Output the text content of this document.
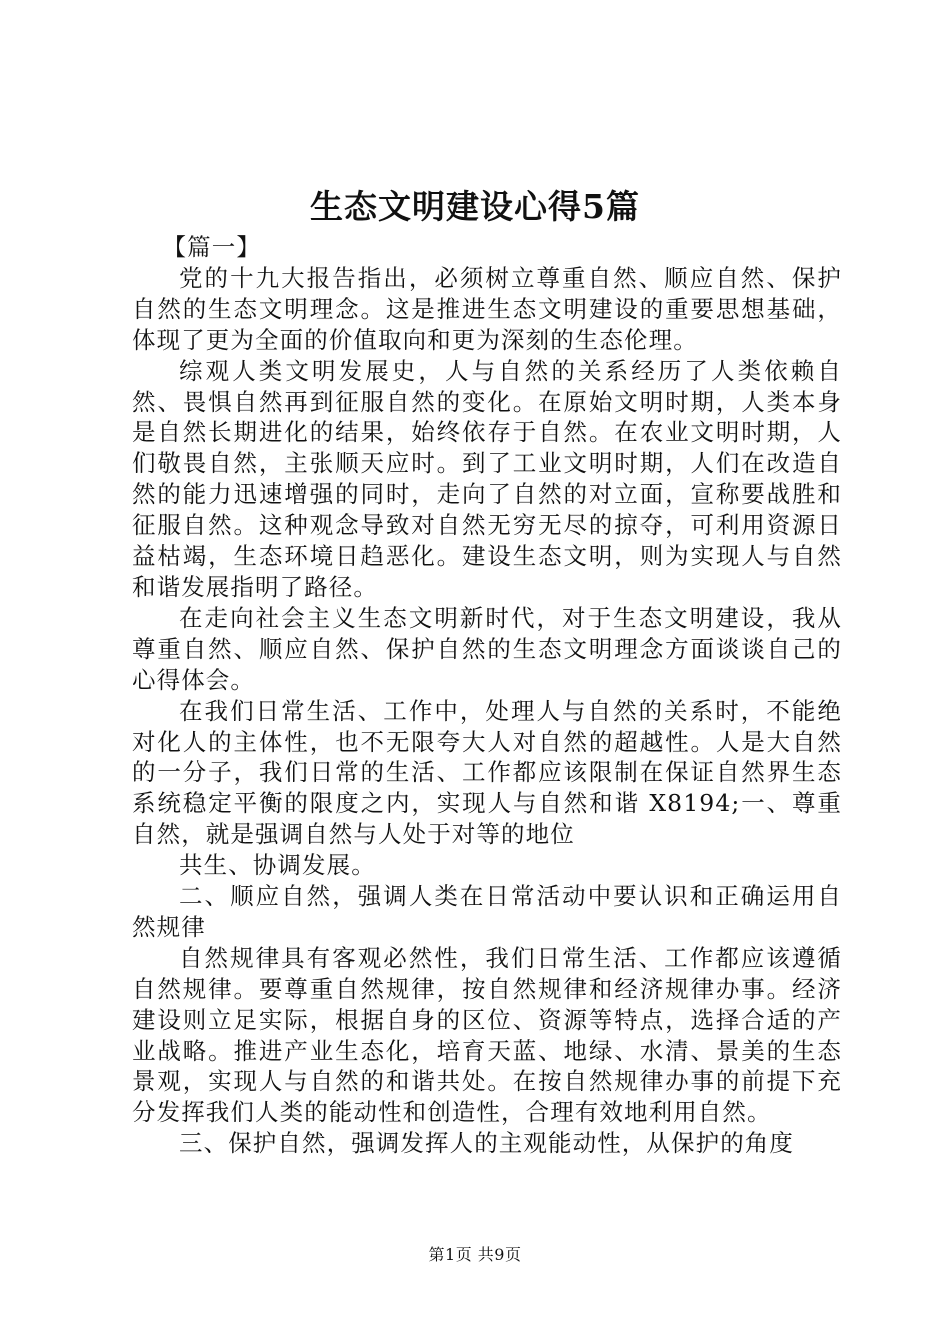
生态文明建设心得5篇

【篇一】

党的十九大报告指出，必须树立尊重自然、顺应自然、保护自然的生态文明理念。这是推进生态文明建设的重要思想基础，体现了更为全面的价值取向和更为深刻的生态伦理。

综观人类文明发展史，人与自然的关系经历了人类依赖自然、畏惧自然再到征服自然的变化。在原始文明时期，人类本身是自然长期进化的结果，始终依存于自然。在农业文明时期，人们敬畏自然，主张顺天应时。到了工业文明时期，人们在改造自然的能力迅速增强的同时，走向了自然的对立面，宣称要战胜和征服自然。这种观念导致对自然无穷无尽的掠夺，可利用资源日益枯竭，生态环境日趋恶化。建设生态文明，则为实现人与自然和谐发展指明了路径。

在走向社会主义生态文明新时代，对于生态文明建设，我从尊重自然、顺应自然、保护自然的生态文明理念方面谈谈自己的心得体会。

在我们日常生活、工作中，处理人与自然的关系时，不能绝对化人的主体性，也不无限夸大人对自然的超越性。人是大自然的一分子，我们日常的生活、工作都应该限制在保证自然界生态系统稳定平衡的限度之内，实现人与自然和谐 X8194;一、尊重自然，就是强调自然与人处于对等的地位

共生、协调发展。

二、顺应自然，强调人类在日常活动中要认识和正确运用自然规律

自然规律具有客观必然性，我们日常生活、工作都应该遵循自然规律。要尊重自然规律，按自然规律和经济规律办事。经济建设则立足实际，根据自身的区位、资源等特点，选择合适的产业战略。推进产业生态化，培育天蓝、地绿、水清、景美的生态景观，实现人与自然的和谐共处。在按自然规律办事的前提下充分发挥我们人类的能动性和创造性，合理有效地利用自然。

三、保护自然，强调发挥人的主观能动性，从保护的角度

第1页 共9页
